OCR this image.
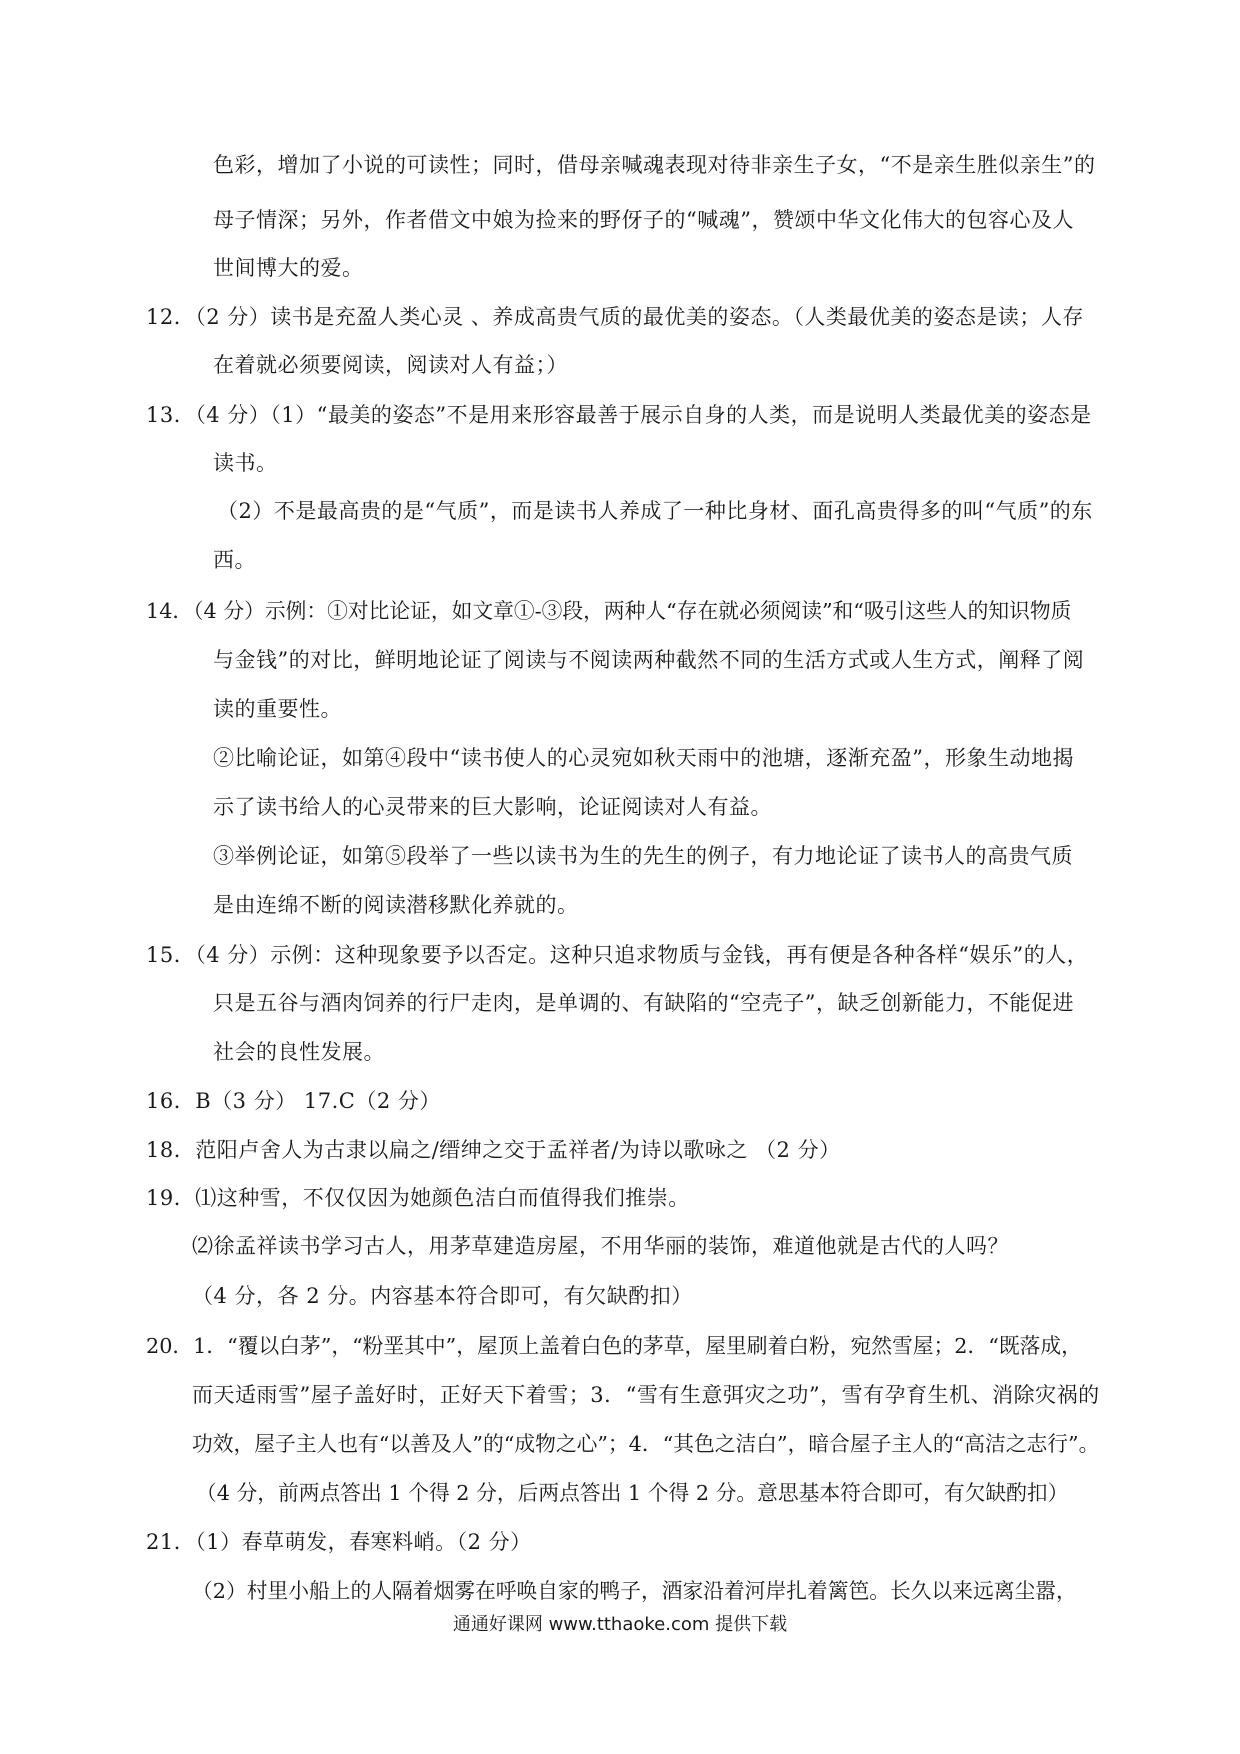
色彩，增加了小说的可读性；同时，借母亲喊魂表现对待非亲生子女，“不是亲生胜似亲生”的
母子情深；另外，作者借文中娘为捡来的野伢子的“喊魂”，赞颂中华文化伟大的包容心及人
世间博大的爱。
12．（2 分）读书是充盈人类心灵 、养成高贵气质的最优美的姿态。（人类最优美的姿态是读；人存
在着就必须要阅读，阅读对人有益；）
13．（4 分）（1）“最美的姿态”不是用来形容最善于展示自身的人类，而是说明人类最优美的姿态是
读书。
（2）不是最高贵的是“气质”，而是读书人养成了一种比身材、面孔高贵得多的叫“气质”的东
西。
14．（4 分）示例：①对比论证，如文章①-③段，两种人“存在就必须阅读”和“吸引这些人的知识物质
与金钱”的对比，鲜明地论证了阅读与不阅读两种截然不同的生活方式或人生方式，阐释了阅
读的重要性。
②比喻论证，如第④段中“读书使人的心灵宛如秋天雨中的池塘，逐渐充盈”，形象生动地揭
示了读书给人的心灵带来的巨大影响，论证阅读对人有益。
③举例论证，如第⑤段举了一些以读书为生的先生的例子，有力地论证了读书人的高贵气质
是由连绵不断的阅读潜移默化养就的。
15．（4 分）示例：这种现象要予以否定。这种只追求物质与金钱，再有便是各种各样“娱乐”的人，
只是五谷与酒肉饲养的行尸走肉，是单调的、有缺陷的“空壳子”，缺乏创新能力，不能促进
社会的良性发展。
16．B（3 分） 17.C（2 分）
18．范阳卢舍人为古隶以扁之/缙绅之交于孟祥者/为诗以歌咏之 （2 分）
19．⑴这种雪，不仅仅因为她颜色洁白而值得我们推崇。
⑵徐孟祥读书学习古人，用茅草建造房屋，不用华丽的装饰，难道他就是古代的人吗？
（4 分，各 2 分。内容基本符合即可，有欠缺酌扣）
20．1．“覆以白茅”，“粉垩其中”，屋顶上盖着白色的茅草，屋里刷着白粉，宛然雪屋；2．“既落成，
而天适雨雪”屋子盖好时，正好天下着雪；3．“雪有生意弭灾之功”，雪有孕育生机、消除灾祸的
功效，屋子主人也有“以善及人”的“成物之心”；4．“其色之洁白”，暗合屋子主人的“高洁之志行”。
（4 分，前两点答出 1 个得 2 分，后两点答出 1 个得 2 分。意思基本符合即可，有欠缺酌扣）
21．（1）春草萌发，春寒料峭。（2 分）
（2）村里小船上的人隔着烟雾在呼唤自家的鸭子，酒家沿着河岸扎着篱笆。长久以来远离尘嚣，
通通好课网 www.tthaoke.com 提供下载
